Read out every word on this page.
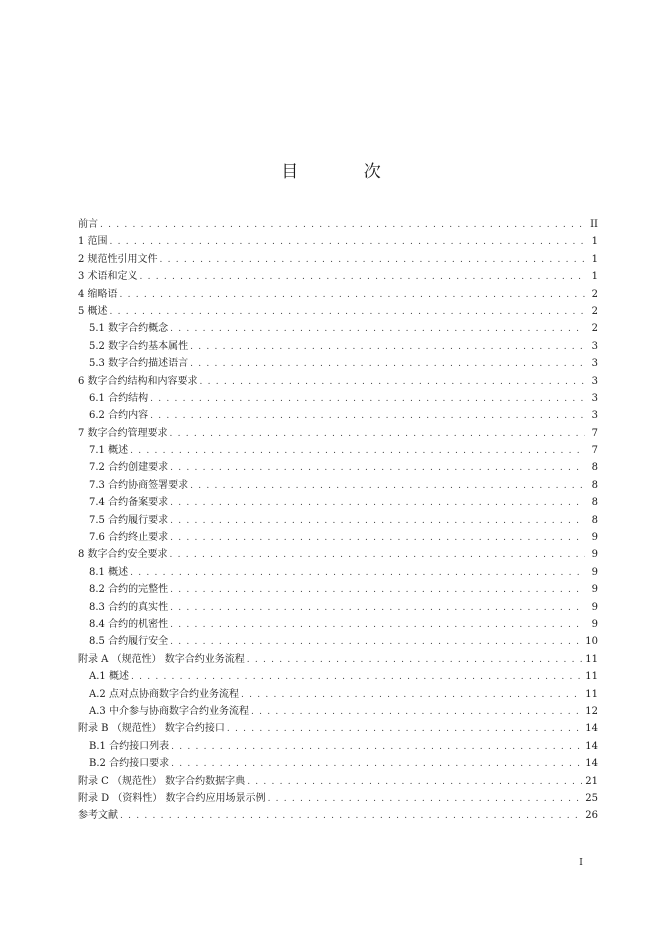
目 次
前言 . . .	II
1 范围 . . .	1
2 规范性引用文件 . . .	1
3 术语和定义 . . .	1
4 缩略语 . . .	2
5 概述 . . .	2
5.1 数字合约概念 . . .	2
5.2 数字合约基本属性 . . .	3
5.3 数字合约描述语言 . . .	3
6 数字合约结构和内容要求 . . .	3
6.1 合约结构 . . .	3
6.2 合约内容 . . .	3
7 数字合约管理要求 . . .	7
7.1 概述 . . .	7
7.2 合约创建要求 . . .	8
7.3 合约协商签署要求 . . .	8
7.4 合约备案要求 . . .	8
7.5 合约履行要求 . . .	8
7.6 合约终止要求 . . .	9
8 数字合约安全要求 . . .	9
8.1 概述 . . .	9
8.2 合约的完整性 . . .	9
8.3 合约的真实性 . . .	9
8.4 合约的机密性 . . .	9
8.5 合约履行安全 . . .	10
附录 A （规范性） 数字合约业务流程 . . .	11
A.1 概述 . . .	11
A.2 点对点协商数字合约业务流程 . . .	11
A.3 中介参与协商数字合约业务流程 . . .	12
附录 B （规范性） 数字合约接口 . . .	14
B.1 合约接口列表 . . .	14
B.2 合约接口要求 . . .	14
附录 C （规范性） 数字合约数据字典 . . .	21
附录 D （资料性） 数字合约应用场景示例 . . .	25
参考文献 . . .	26
I
